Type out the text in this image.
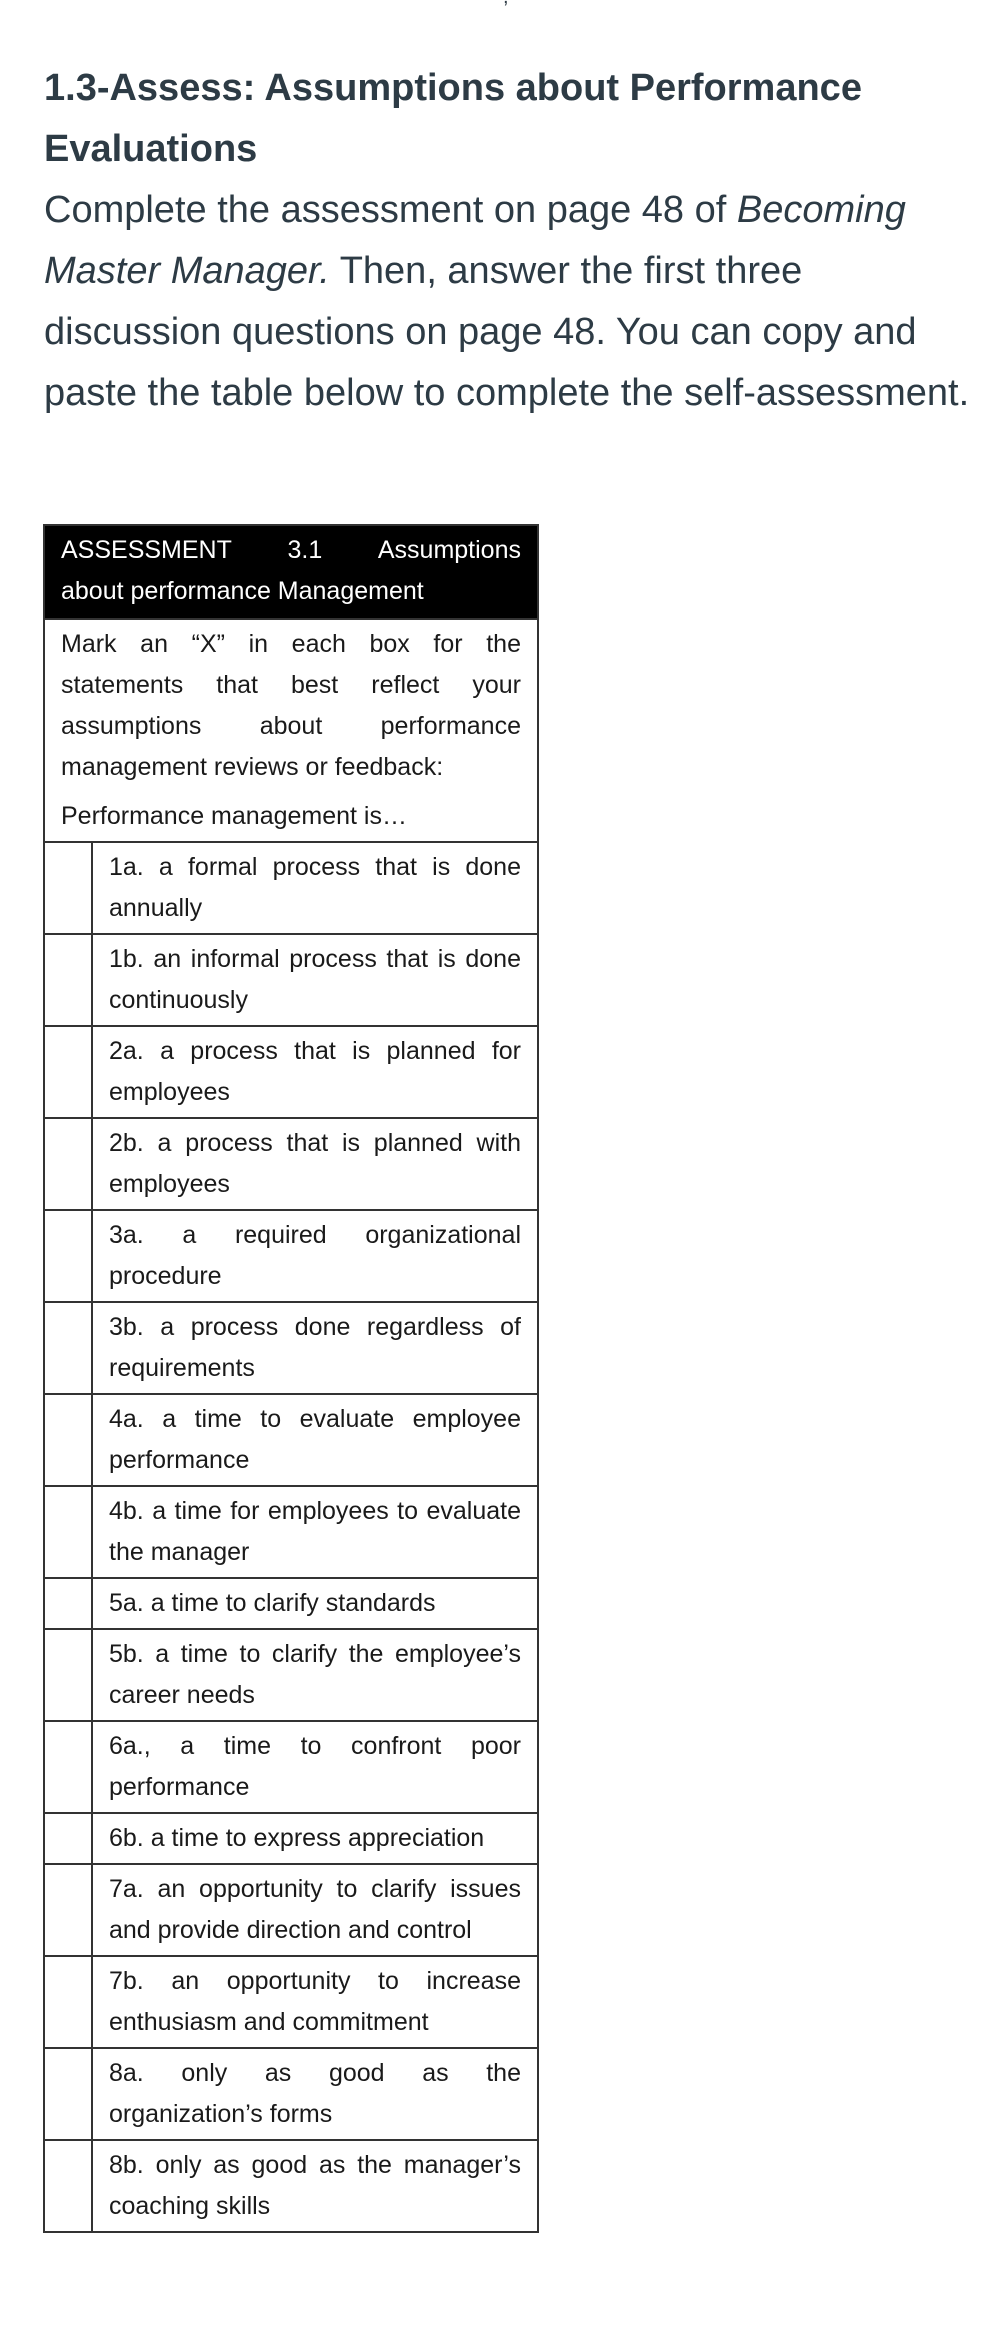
1.3-Assess: Assumptions about Performance Evaluations

Complete the assessment on page 48 of Becoming Master Manager. Then, answer the first three discussion questions on page 48. You can copy and paste the table below to complete the self-assessment.

ASSESSMENT 3.1 Assumptions
about performance Management	

Mark an “X” in each box for the statements that best reflect your assumptions about performance management reviews or feedback:	
Performance management is…	
	1a. a formal process that is done annually
	1b. an informal process that is done continuously
	2a. a process that is planned for employees
	2b. a process that is planned with employees
	3a. a required organizational procedure
	3b. a process done regardless of requirements
	4a. a time to evaluate employee performance
	4b. a time for employees to evaluate the manager
	5a. a time to clarify standards
	5b. a time to clarify the employee’s career needs
	6a., a time to confront poor performance
	6b. a time to express appreciation
	7a. an opportunity to clarify issues and provide direction and control
	7b. an opportunity to increase enthusiasm and commitment
	8a. only as good as the organization’s forms
	8b. only as good as the manager’s coaching skills
